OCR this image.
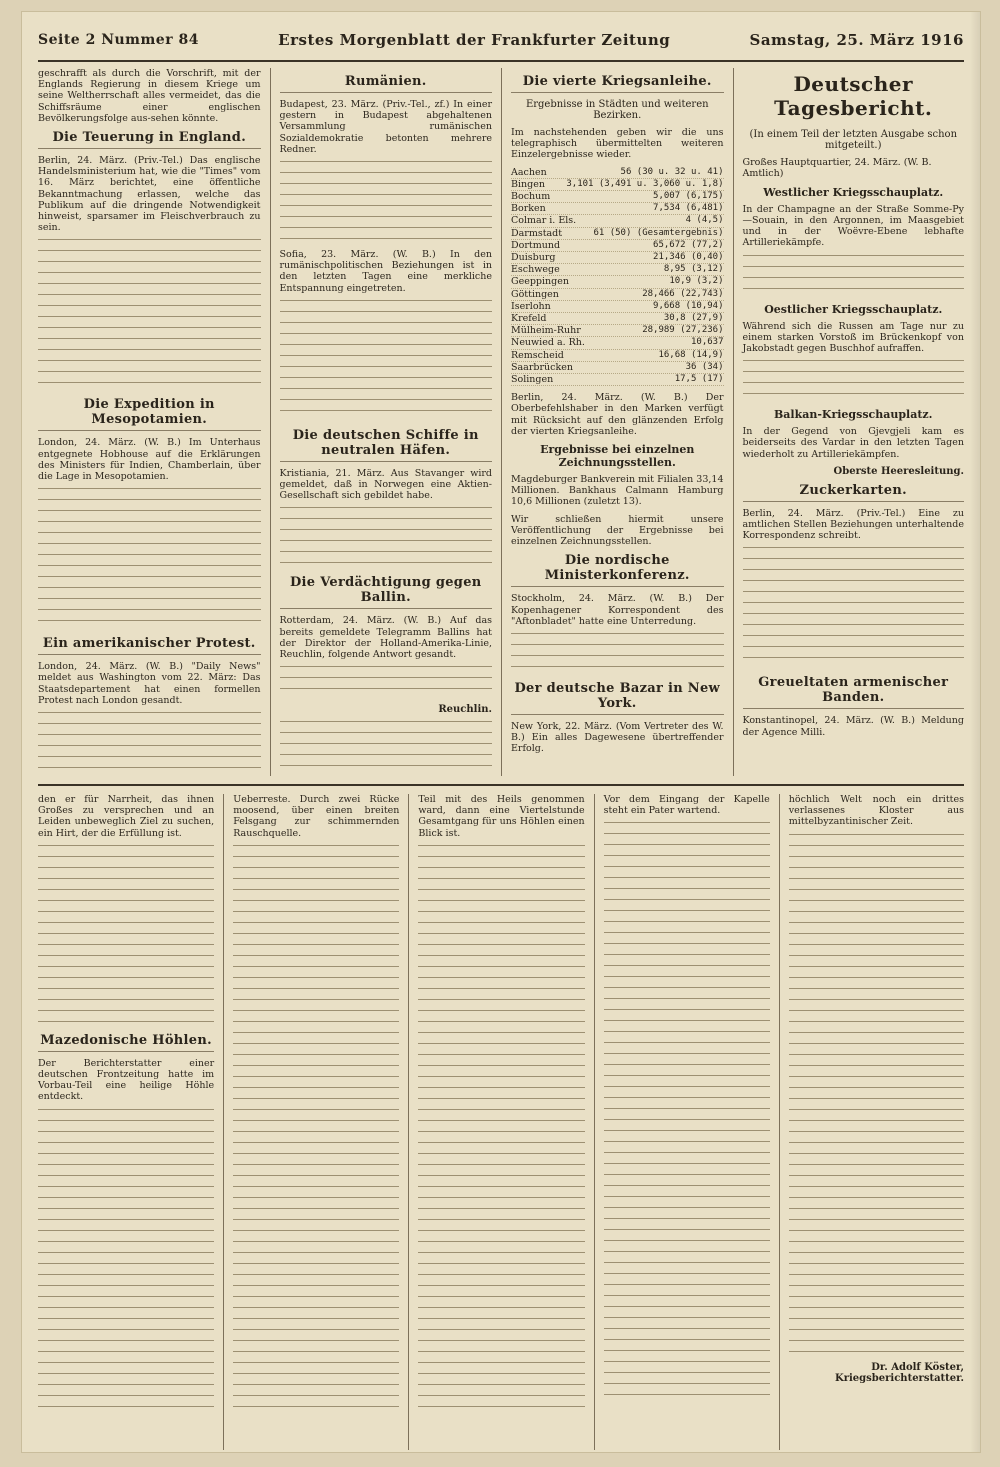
Seite 2 Nummer 84	Erstes Morgenblatt der Frankfurter Zeitung	Samstag, 25. März 1916

geschrafft als durch die Vorschrift, mit der Englands Regierung in diesem Kriege um seine Weltherrschaft alles vermeidet, das die Schiffsräume einer englischen Bevölkerungsfolge aus-sehen könnte.

Die Teuerung in England.

Berlin, 24. März. (Priv.-Tel.) Das englische Handelsministerium hat, wie die "Times" vom 16. März berichtet, eine öffentliche Bekanntmachung erlassen, welche das Publikum auf die dringende Notwendigkeit hinweist, sparsamer im Fleischverbrauch zu sein.

Die Expedition in Mesopotamien.

London, 24. März. (W. B.) Im Unterhaus entgegnete Hobhouse auf die Erklärungen des Ministers für Indien, Chamberlain, über die Lage in Mesopotamien.

Ein amerikanischer Protest.

London, 24. März. (W. B.) "Daily News" meldet aus Washington vom 22. März: Das Staatsdepartement hat einen formellen Protest nach London gesandt.

Rumänien.

Budapest, 23. März. (Priv.-Tel., zf.) In einer gestern in Budapest abgehaltenen Versammlung rumänischen Sozialdemokratie betonten mehrere Redner.

Sofia, 23. März. (W. B.) In den rumänischpolitischen Beziehungen ist in den letzten Tagen eine merkliche Entspannung eingetreten.

Die deutschen Schiffe in neutralen Häfen.

Kristiania, 21. März. Aus Stavanger wird gemeldet, daß in Norwegen eine Aktien-Gesellschaft sich gebildet habe.

Die Verdächtigung gegen Ballin.

Rotterdam, 24. März. (W. B.) Auf das bereits gemeldete Telegramm Ballins hat der Direktor der Holland-Amerika-Linie, Reuchlin, folgende Antwort gesandt.

Reuchlin.

Die vierte Kriegsanleihe.
Ergebnisse in Städten und weiteren Bezirken.

Im nachstehenden geben wir die uns telegraphisch übermittelten weiteren Einzelergebnisse wieder.

Aachen	56 (30 u. 32 u. 41)
Bingen 3,101 (3,491 u. 3,060 u. 1,8)
Bochum	5,007 (6,175)
Borken	7,534 (6,481)
Colmar i. Els.	4 (4,5)
Darmstadt	61 (50) (Gesamtergebnis)
Dortmund	65,672 (77,2)
Duisburg	21,346 (0,40)
Eschwege	8,95 (3,12)
Geeppingen	10,9 (3,2)
Göttingen	28,466 (22,743)
Iserlohn	9,668 (10,94)
Krefeld	30,8 (27,9)
Mülheim-Ruhr	28,989 (27,236)
Neuwied a. Rh.	10,637
Remscheid	16,68 (14,9)
Saarbrücken	36 (34)
Solingen	17,5 (17)

Berlin, 24. März. (W. B.) Der Oberbefehlshaber in den Marken verfügt mit Rücksicht auf den glänzenden Erfolg der vierten Kriegsanleihe.

Ergebnisse bei einzelnen Zeichnungsstellen.

Magdeburger Bankverein mit Filialen 33,14 Millionen. Bankhaus Calmann Hamburg 10,6 Millionen (zuletzt 13).

Wir schließen hiermit unsere Veröffentlichung der Ergebnisse bei einzelnen Zeichnungsstellen.

Die nordische Ministerkonferenz.

Stockholm, 24. März. (W. B.) Der Kopenhagener Korrespondent des "Aftonbladet" hatte eine Unterredung.

Der deutsche Bazar in New York.

New York, 22. März. (Vom Vertreter des W. B.) Ein alles Dagewesene übertreffender Erfolg.

Deutscher Tagesbericht.
(In einem Teil der letzten Ausgabe schon mitgeteilt.)
Großes Hauptquartier, 24. März. (W. B. Amtlich)
Westlicher Kriegsschauplatz.

In der Champagne an der Straße Somme-Py—Souain, in den Argonnen, im Maasgebiet und in der Woëvre-Ebene lebhafte Artilleriekämpfe.

Oestlicher Kriegsschauplatz.

Während sich die Russen am Tage nur zu einem starken Vorstoß im Brückenkopf von Jakobstadt gegen Buschhof aufraffen.

Balkan-Kriegsschauplatz.

In der Gegend von Gjevgjeli kam es beiderseits des Vardar in den letzten Tagen wiederholt zu Artilleriekämpfen.

Oberste Heeresleitung.
Zuckerkarten.

Berlin, 24. März. (Priv.-Tel.) Eine zu amtlichen Stellen Beziehungen unterhaltende Korrespondenz schreibt.

Greueltaten armenischer Banden.

Konstantinopel, 24. März. (W. B.) Meldung der Agence Milli.

den er für Narrheit, das ihnen Großes zu versprechen und an Leiden unbeweglich Ziel zu suchen, ein Hirt, der die Erfüllung ist.

Mazedonische Höhlen.

Der Berichterstatter einer deutschen Frontzeitung hatte im Vorbau-Teil eine heilige Höhle entdeckt.

Ueberreste. Durch zwei Rücke moosend, über einen breiten Felsgang zur schimmernden Rauschquelle.

Teil mit des Heils genommen ward, dann eine Viertelstunde Gesamtgang für uns Höhlen einen Blick ist.

Vor dem Eingang der Kapelle steht ein Pater wartend.

höchlich Welt noch ein drittes verlassenes Kloster aus mittelbyzantinischer Zeit.

Dr. Adolf Köster, Kriegsberichterstatter.
